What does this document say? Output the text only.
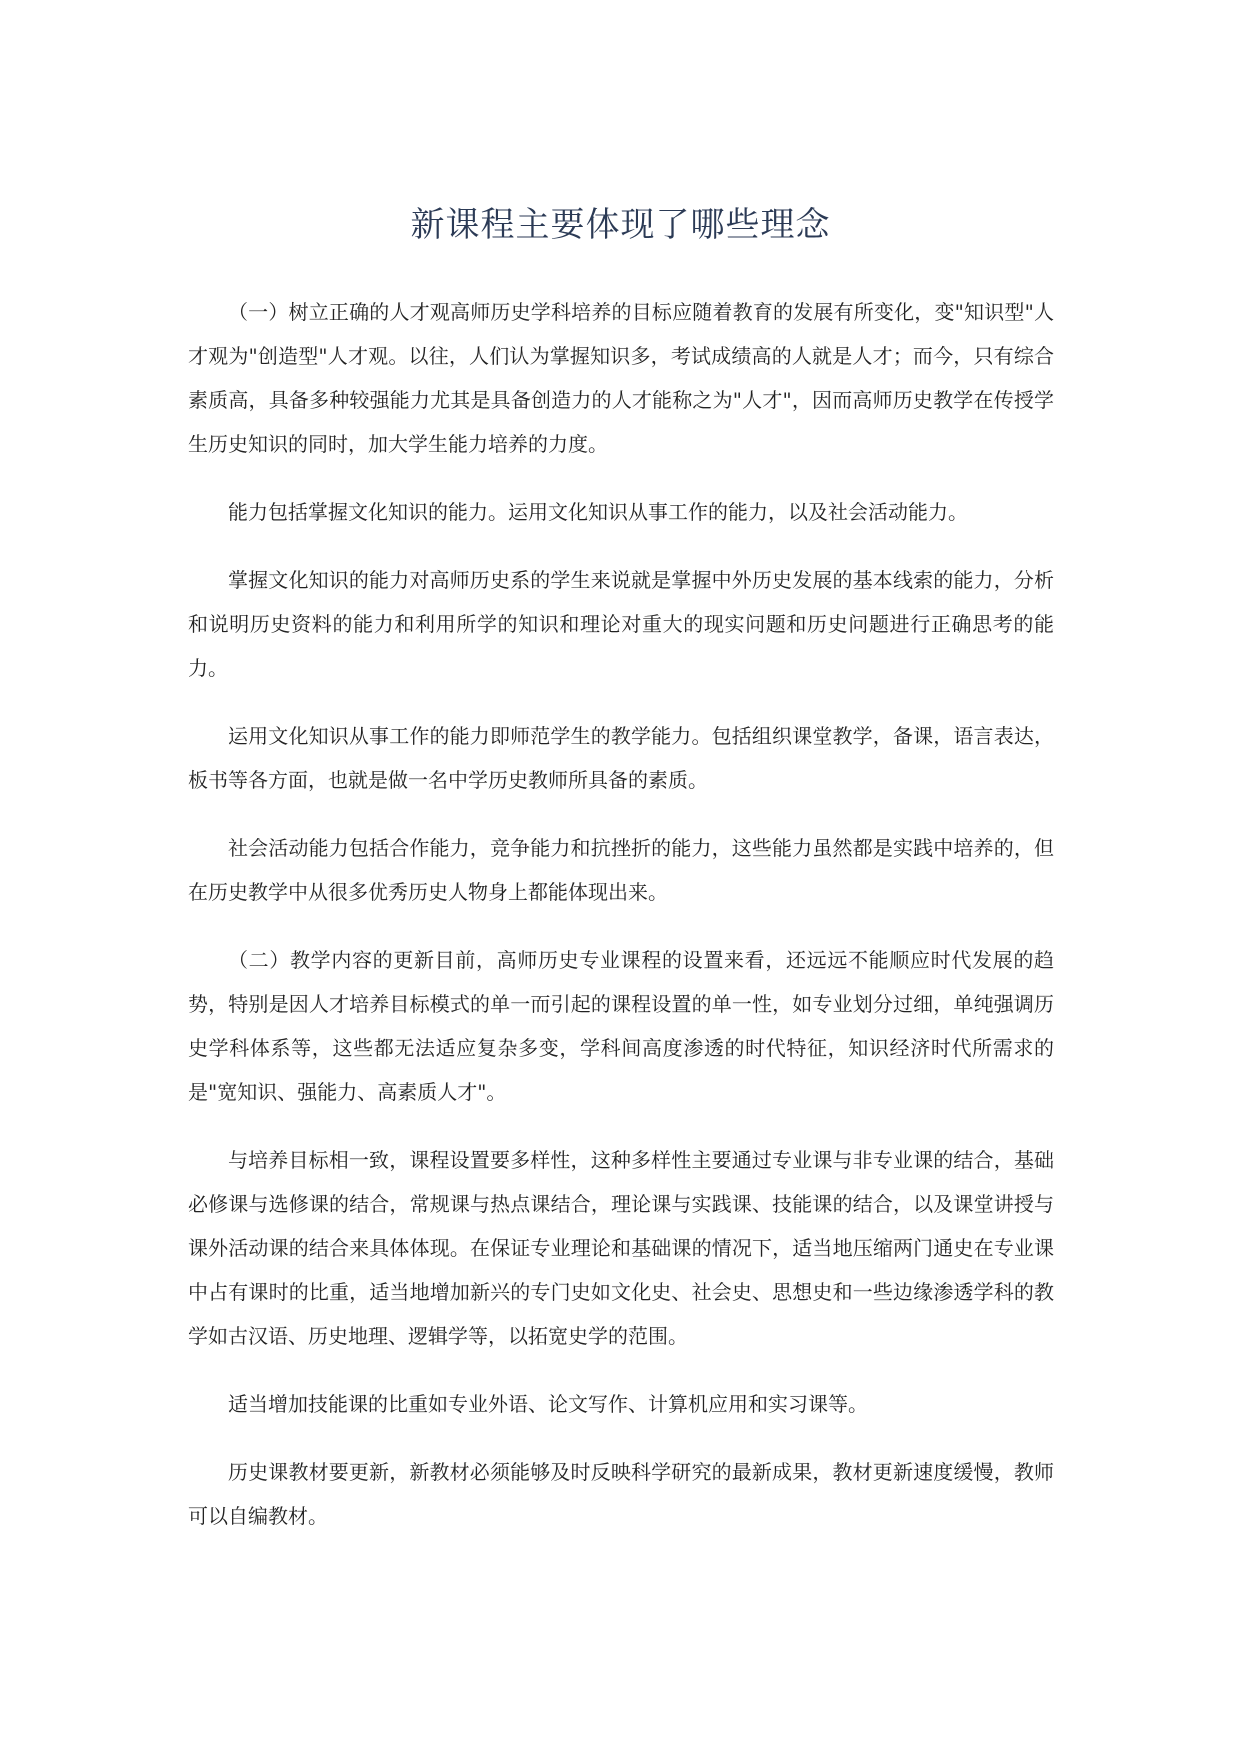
新课程主要体现了哪些理念

（一）树立正确的人才观高师历史学科培养的目标应随着教育的发展有所变化，变"知识型"人才观为"创造型"人才观。以往，人们认为掌握知识多，考试成绩高的人就是人才；而今，只有综合素质高，具备多种较强能力尤其是具备创造力的人才能称之为"人才"，因而高师历史教学在传授学生历史知识的同时，加大学生能力培养的力度。

能力包括掌握文化知识的能力。运用文化知识从事工作的能力，以及社会活动能力。

掌握文化知识的能力对高师历史系的学生来说就是掌握中外历史发展的基本线索的能力，分析和说明历史资料的能力和利用所学的知识和理论对重大的现实问题和历史问题进行正确思考的能力。

运用文化知识从事工作的能力即师范学生的教学能力。包括组织课堂教学，备课，语言表达，板书等各方面，也就是做一名中学历史教师所具备的素质。

社会活动能力包括合作能力，竞争能力和抗挫折的能力，这些能力虽然都是实践中培养的，但在历史教学中从很多优秀历史人物身上都能体现出来。

（二）教学内容的更新目前，高师历史专业课程的设置来看，还远远不能顺应时代发展的趋势，特别是因人才培养目标模式的单一而引起的课程设置的单一性，如专业划分过细，单纯强调历史学科体系等，这些都无法适应复杂多变，学科间高度渗透的时代特征，知识经济时代所需求的是"宽知识、强能力、高素质人才"。

与培养目标相一致，课程设置要多样性，这种多样性主要通过专业课与非专业课的结合，基础必修课与选修课的结合，常规课与热点课结合，理论课与实践课、技能课的结合，以及课堂讲授与课外活动课的结合来具体体现。在保证专业理论和基础课的情况下，适当地压缩两门通史在专业课中占有课时的比重，适当地增加新兴的专门史如文化史、社会史、思想史和一些边缘渗透学科的教学如古汉语、历史地理、逻辑学等，以拓宽史学的范围。

适当增加技能课的比重如专业外语、论文写作、计算机应用和实习课等。

历史课教材要更新，新教材必须能够及时反映科学研究的最新成果，教材更新速度缓慢，教师可以自编教材。
